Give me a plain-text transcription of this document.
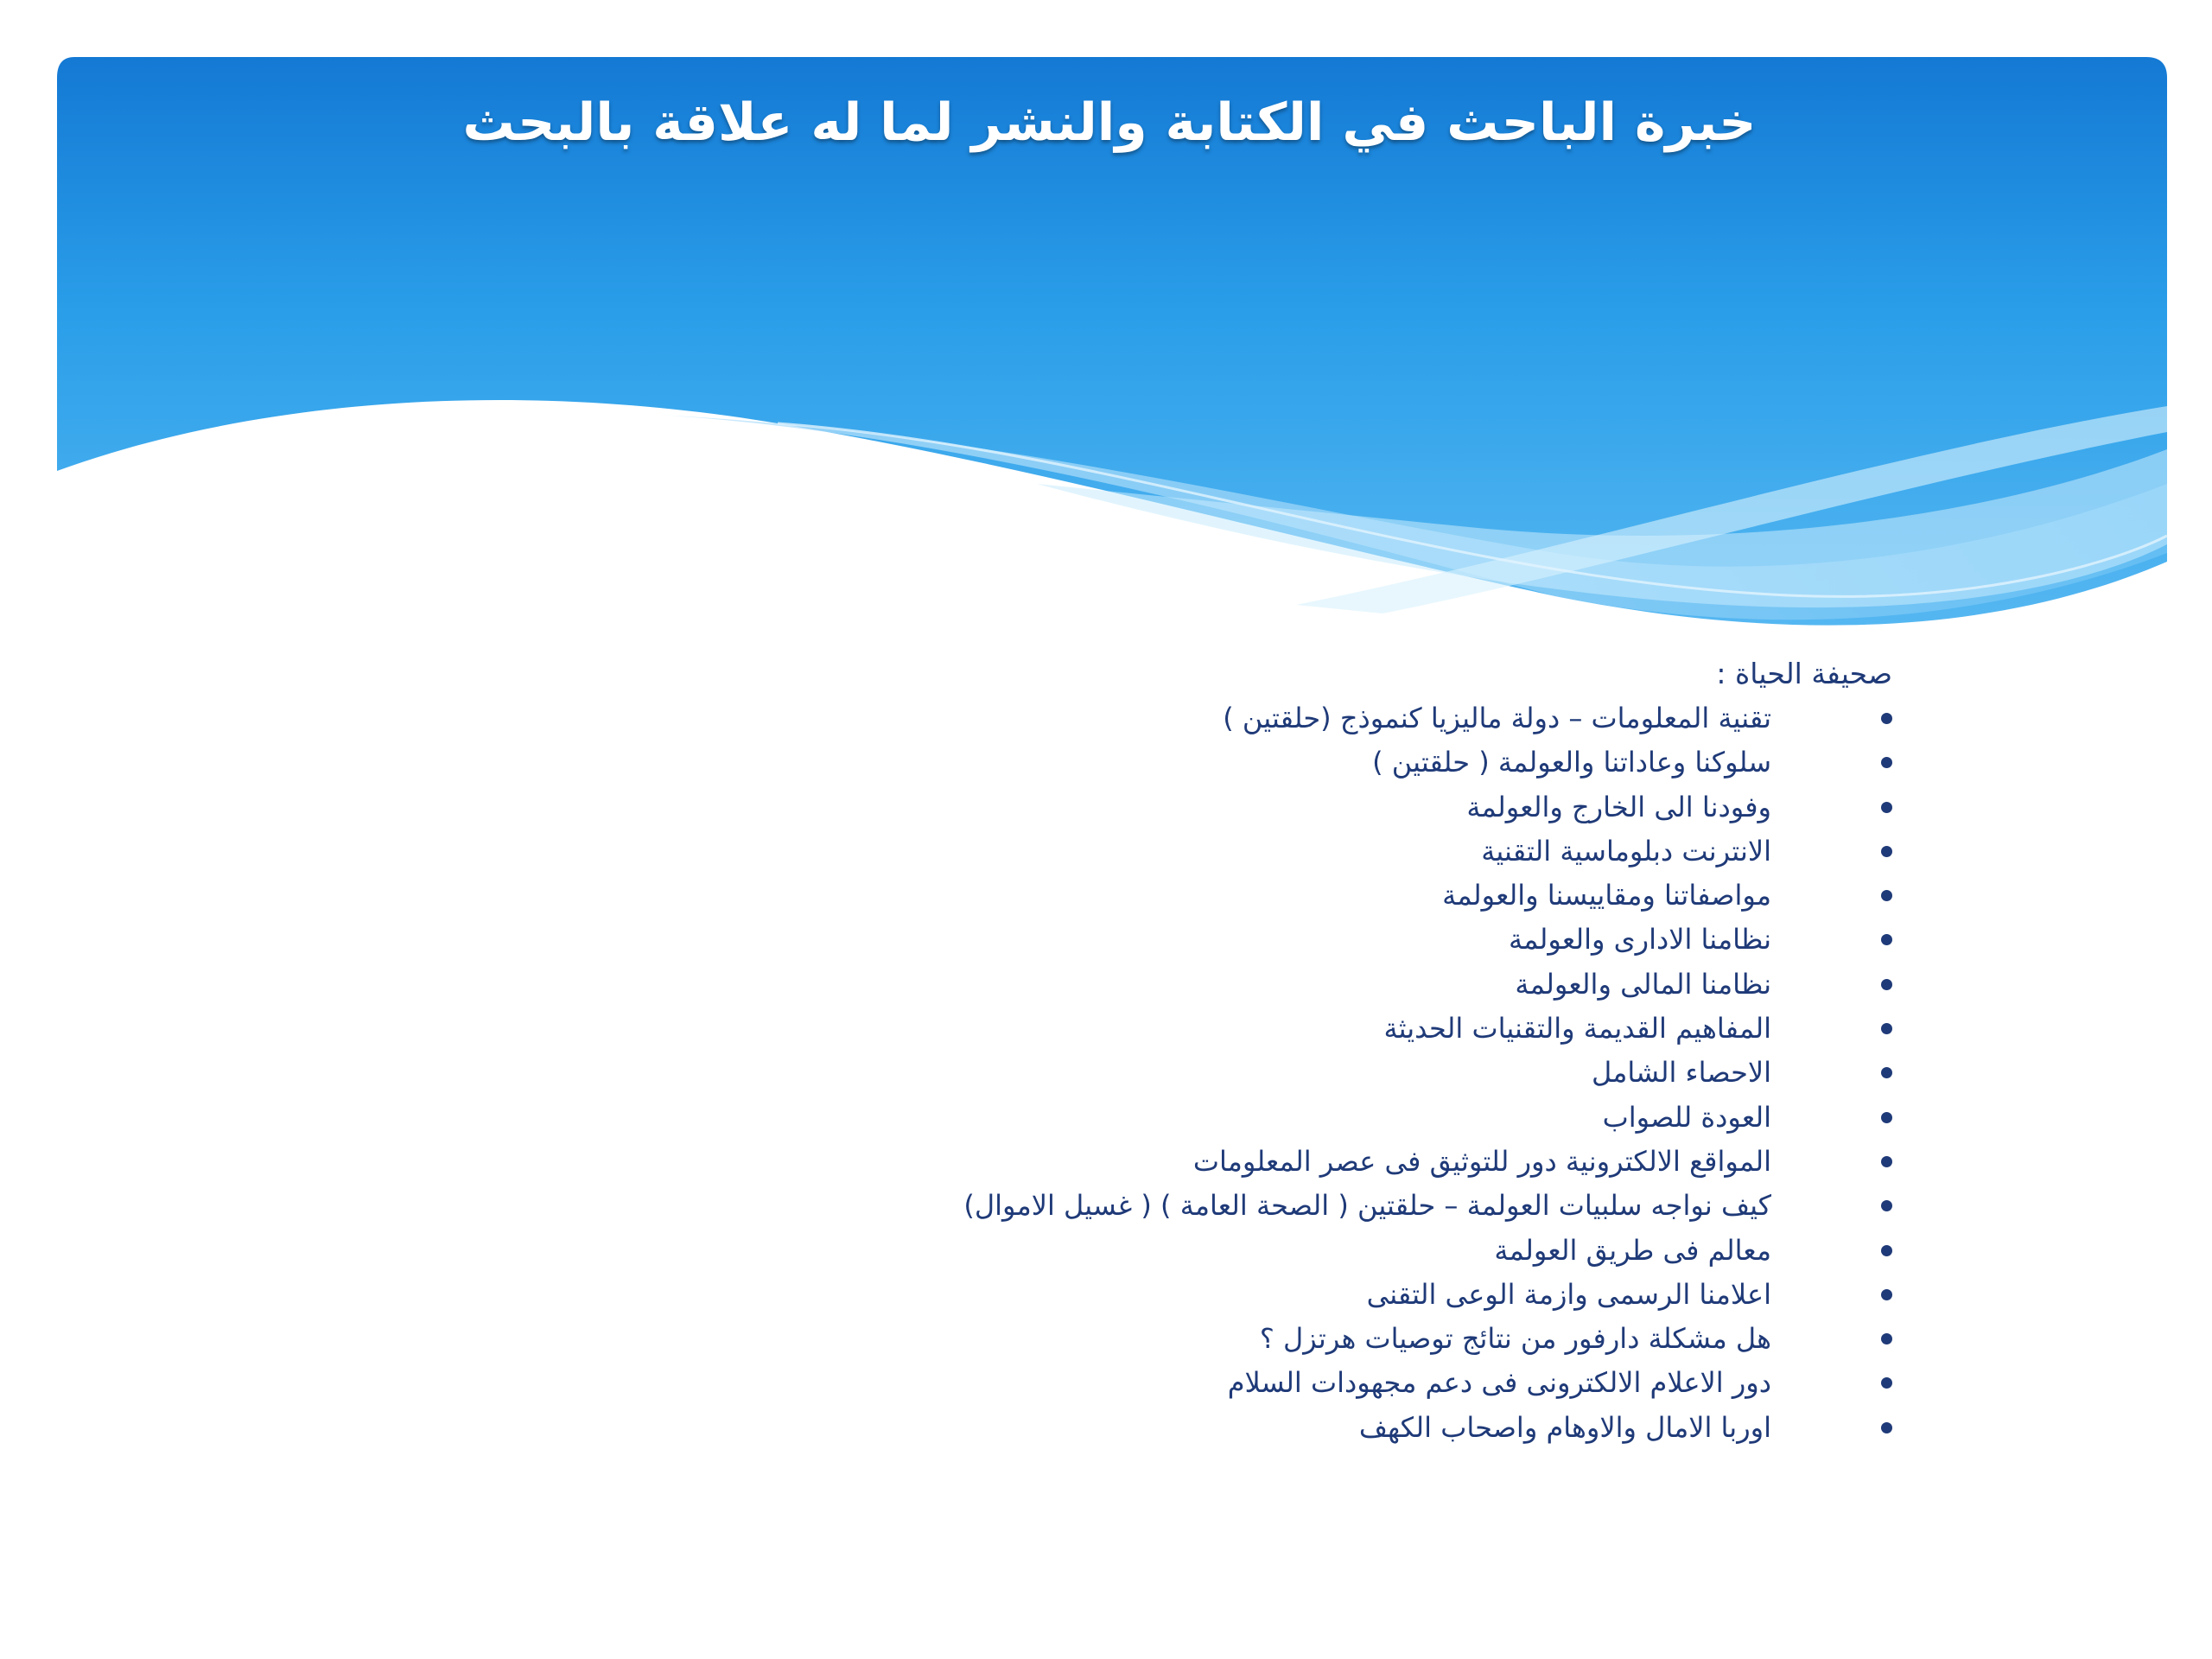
خبرة الباحث في الكتابة والنشر لما له علاقة بالبحث
صحيفة الحياة :
تقنية المعلومات – دولة ماليزيا كنموذج (حلقتين )
سلوكنا وعاداتنا والعولمة ( حلقتين )
وفودنا الى الخارج والعولمة
الانترنت دبلوماسية التقنية
مواصفاتنا ومقاييسنا والعولمة
نظامنا الادارى والعولمة
نظامنا المالى والعولمة
المفاهيم القديمة والتقنيات الحديثة
الاحصاء الشامل
العودة للصواب
المواقع الالكترونية دور للتوثيق فى عصر المعلومات
كيف نواجه سلبيات العولمة – حلقتين ( الصحة العامة ) ( غسيل الاموال)
معالم فى طريق العولمة
اعلامنا الرسمى وازمة الوعى التقنى
هل مشكلة دارفور من نتائج توصيات هرتزل ؟
دور الاعلام الالكترونى فى دعم مجهودات السلام
اوربا الامال والاوهام واصحاب الكهف
